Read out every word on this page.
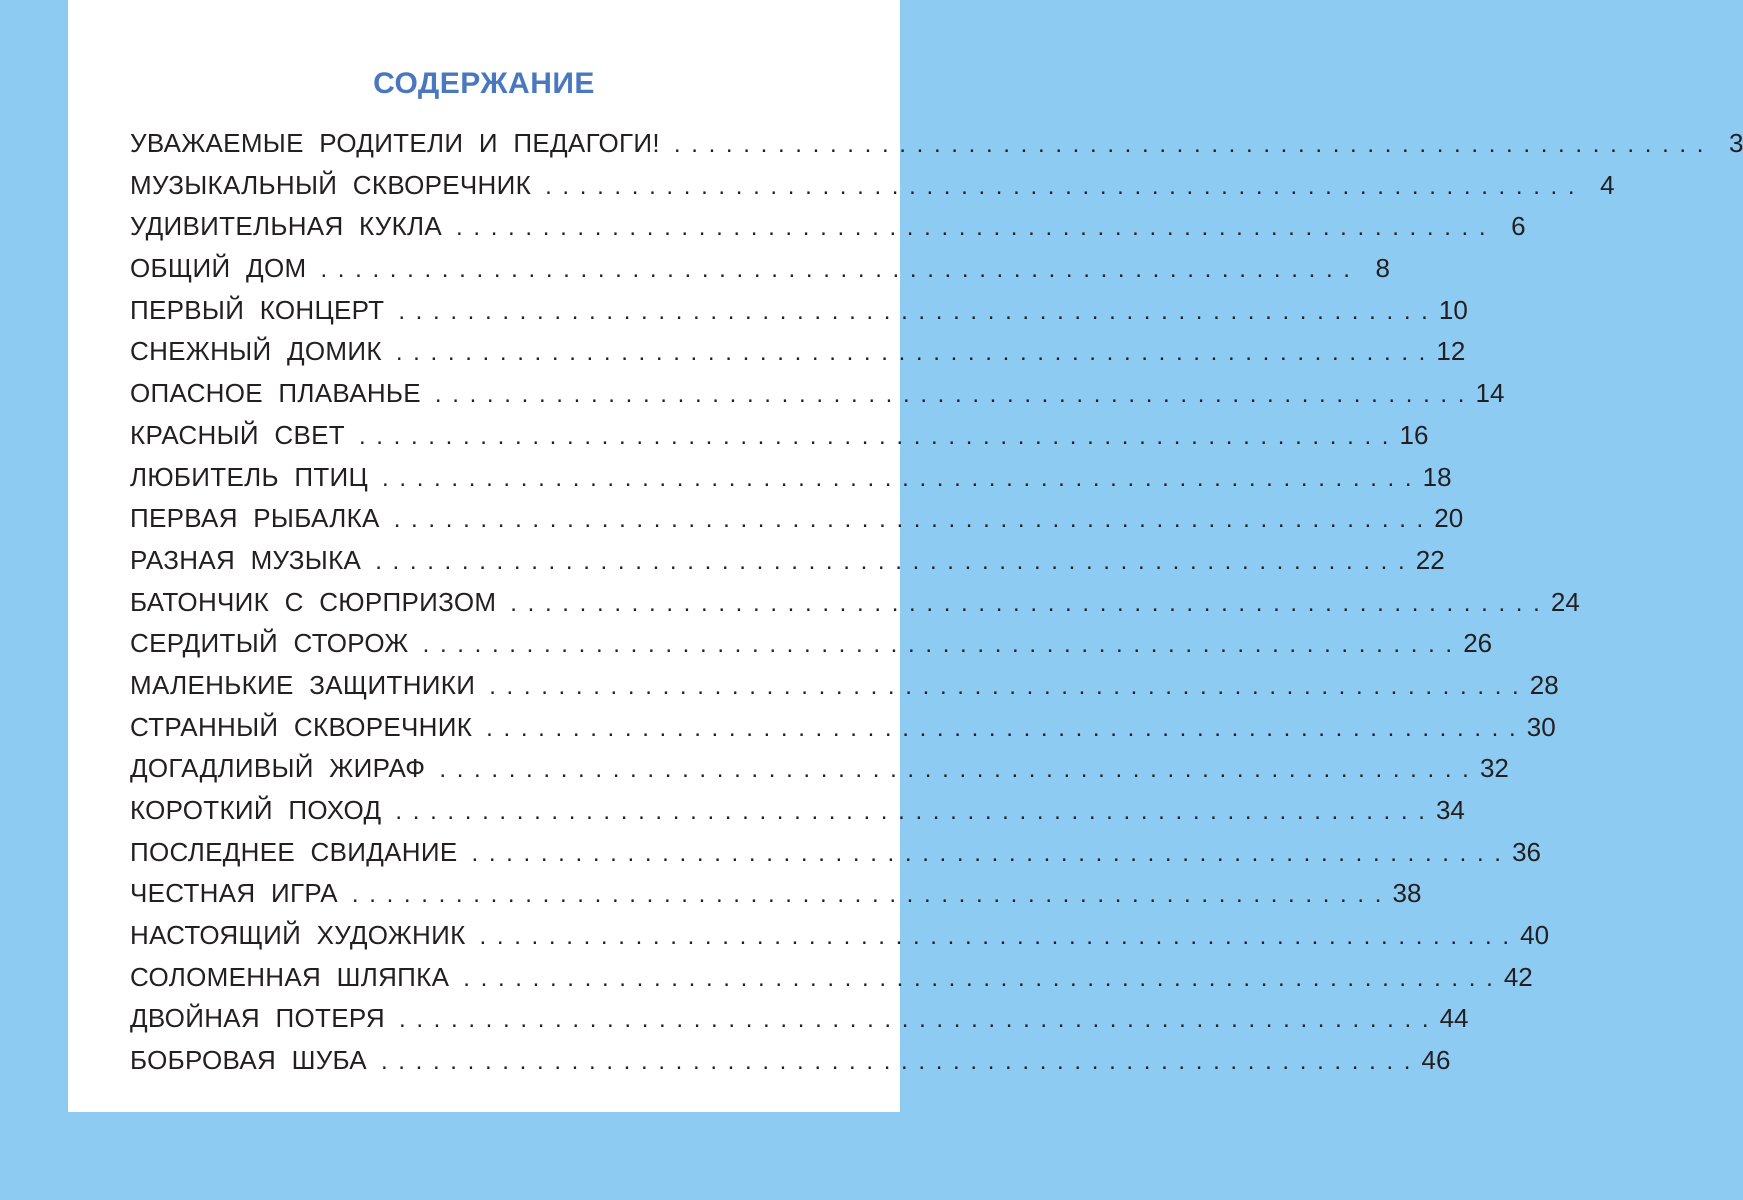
СОДЕРЖАНИЕ
УВАЖАЕМЫЕ РОДИТЕЛИ И ПЕДАГОГИ! . . .	3
МУЗЫКАЛЬНЫЙ СКВОРЕЧНИК . . .	4
УДИВИТЕЛЬНАЯ КУКЛА . . .	6
ОБЩИЙ ДОМ . . .	8
ПЕРВЫЙ КОНЦЕРТ . . .	10
СНЕЖНЫЙ ДОМИК . . .	12
ОПАСНОЕ ПЛАВАНЬЕ . . .	14
КРАСНЫЙ СВЕТ . . .	16
ЛЮБИТЕЛЬ ПТИЦ . . .	18
ПЕРВАЯ РЫБАЛКА . . .	20
РАЗНАЯ МУЗЫКА . . .	22
БАТОНЧИК С СЮРПРИЗОМ . . .	24
СЕРДИТЫЙ СТОРОЖ . . .	26
МАЛЕНЬКИЕ ЗАЩИТНИКИ . . .	28
СТРАННЫЙ СКВОРЕЧНИК . . .	30
ДОГАДЛИВЫЙ ЖИРАФ . . .	32
КОРОТКИЙ ПОХОД . . .	34
ПОСЛЕДНЕЕ СВИДАНИЕ . . .	36
ЧЕСТНАЯ ИГРА . . .	38
НАСТОЯЩИЙ ХУДОЖНИК . . .	40
СОЛОМЕННАЯ ШЛЯПКА . . .	42
ДВОЙНАЯ ПОТЕРЯ . . .	44
БОБРОВАЯ ШУБА . . .	46
